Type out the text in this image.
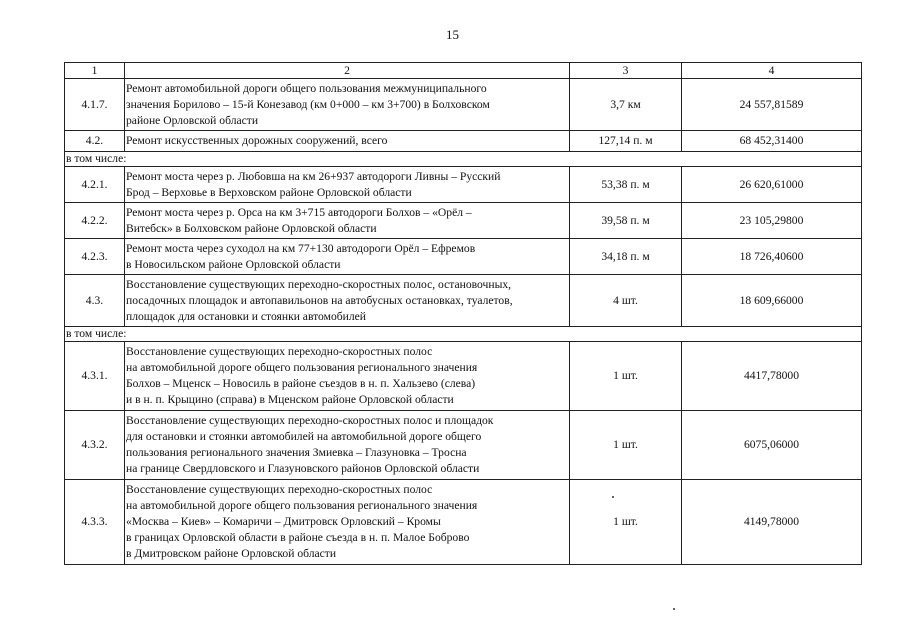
15
1	2	3	4
4.1.7.	Ремонт автомобильной дороги общего пользования межмуниципального
значения Борилово – 15-й Конезавод (км 0+000 – км 3+700) в Болховском
районе Орловской области	3,7 км	24 557,81589
4.2.	Ремонт искусственных дорожных сооружений, всего	127,14 п. м	68 452,31400
в том числе:			
4.2.1.	Ремонт моста через р. Любовша на км 26+937 автодороги Ливны – Русский
Брод – Верховье в Верховском районе Орловской области	53,38 п. м	26 620,61000
4.2.2.	Ремонт моста через р. Орса на км 3+715 автодороги Болхов – «Орёл –
Витебск» в Болховском районе Орловской области	39,58 п. м	23 105,29800
4.2.3.	Ремонт моста через суходол на км 77+130 автодороги Орёл – Ефремов
в Новосильском районе Орловской области	34,18 п. м	18 726,40600
4.3.	Восстановление существующих переходно-скоростных полос, остановочных,
посадочных площадок и автопавильонов на автобусных остановках, туалетов,
площадок для остановки и стоянки автомобилей	4 шт.	18 609,66000
в том числе:			
4.3.1.	Восстановление существующих переходно-скоростных полос
на автомобильной дороге общего пользования регионального значения
Болхов – Мценск – Новосиль в районе съездов в н. п. Хальзево (слева)
и в н. п. Крыцино (справа) в Мценском районе Орловской области	1 шт.	4417,78000
4.3.2.	Восстановление существующих переходно-скоростных полос и площадок
для остановки и стоянки автомобилей на автомобильной дороге общего
пользования регионального значения Змиевка – Глазуновка – Тросна
на границе Свердловского и Глазуновского районов Орловской области	1 шт.	6075,06000
4.3.3.	Восстановление существующих переходно-скоростных полос
на автомобильной дороге общего пользования регионального значения
«Москва – Киев» – Комаричи – Дмитровск Орловский – Кромы
в границах Орловской области в районе съезда в н. п. Малое Боброво
в Дмитровском районе Орловской области	1 шт.	4149,78000
